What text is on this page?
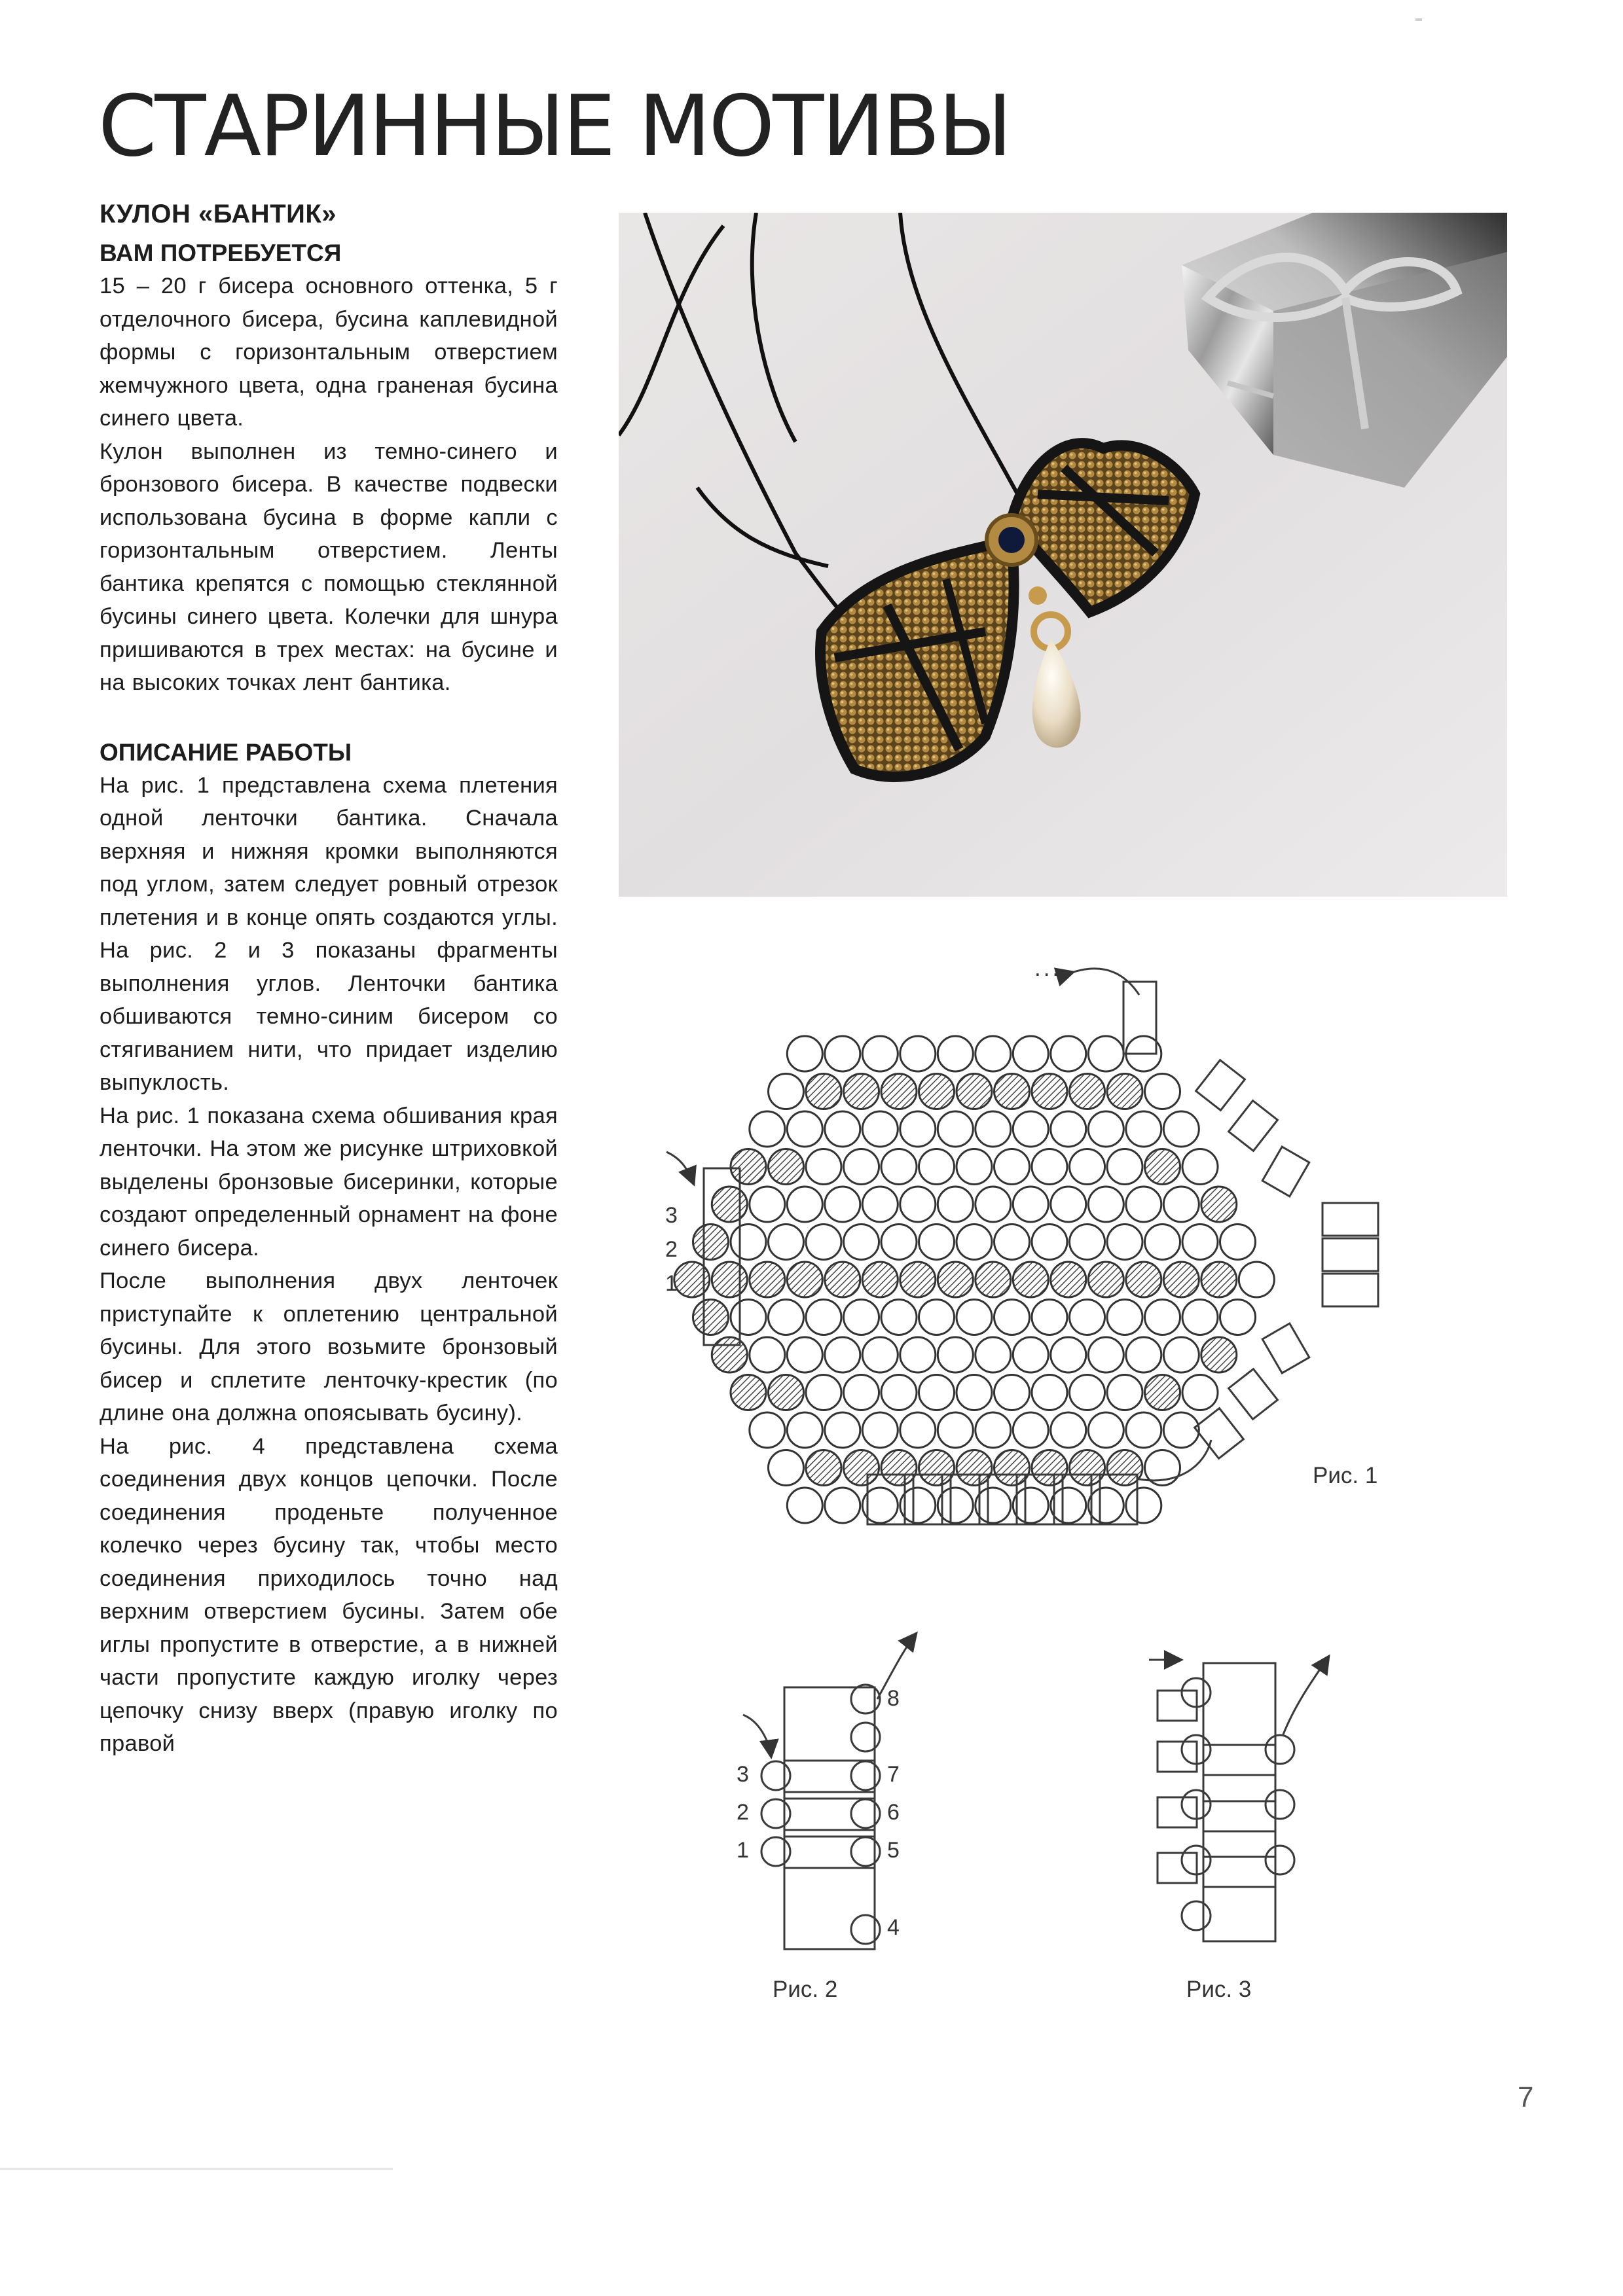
СТАРИННЫЕ МОТИВЫ

КУЛОН «БАНТИК»

ВАМ ПОТРЕБУЕТСЯ

15 – 20 г бисера основного оттенка, 5 г отделочного бисера, бусина каплевидной формы с горизонтальным отверстием жемчужного цвета, одна граненая бусина синего цвета.

Кулон выполнен из темно-синего и бронзового бисера. В качестве подвески использована бусина в форме капли с горизонтальным отверстием. Ленты бантика крепятся с помощью стеклянной бусины синего цвета. Колечки для шнура пришиваются в трех местах: на бусине и на высоких точках лент бантика.

ОПИСАНИЕ РАБОТЫ

На рис. 1 представлена схема плетения одной ленточки бантика. Сначала верхняя и нижняя кромки выполняются под углом, затем следует ровный отрезок плетения и в конце опять создаются углы. На рис. 2 и 3 показаны фрагменты выполнения углов. Ленточки бантика обшиваются темно-синим бисером со стягиванием нити, что придает изделию выпуклость.

На рис. 1 показана схема обшивания края ленточки. На этом же рисунке штриховкой выделены бронзовые бисеринки, которые создают определенный орнамент на фоне синего бисера.

После выполнения двух ленточек приступайте к оплетению центральной бусины. Для этого возьмите бронзовый бисер и сплетите ленточку-крестик (по длине она должна опоясывать бусину).

На рис. 4 представлена схема соединения двух концов цепочки. После соединения проденьте полученное колечко через бусину так, чтобы место соединения приходилось точно над верхним отверстием бусины. Затем обе иглы пропустите в отверстие, а в нижней части пропустите каждую иголку через цепочку снизу вверх (правую иголку по правой

...
3
2
1
Рис. 1
3
2
1
8
7
6
5
4
Рис. 2	Рис. 3
7
